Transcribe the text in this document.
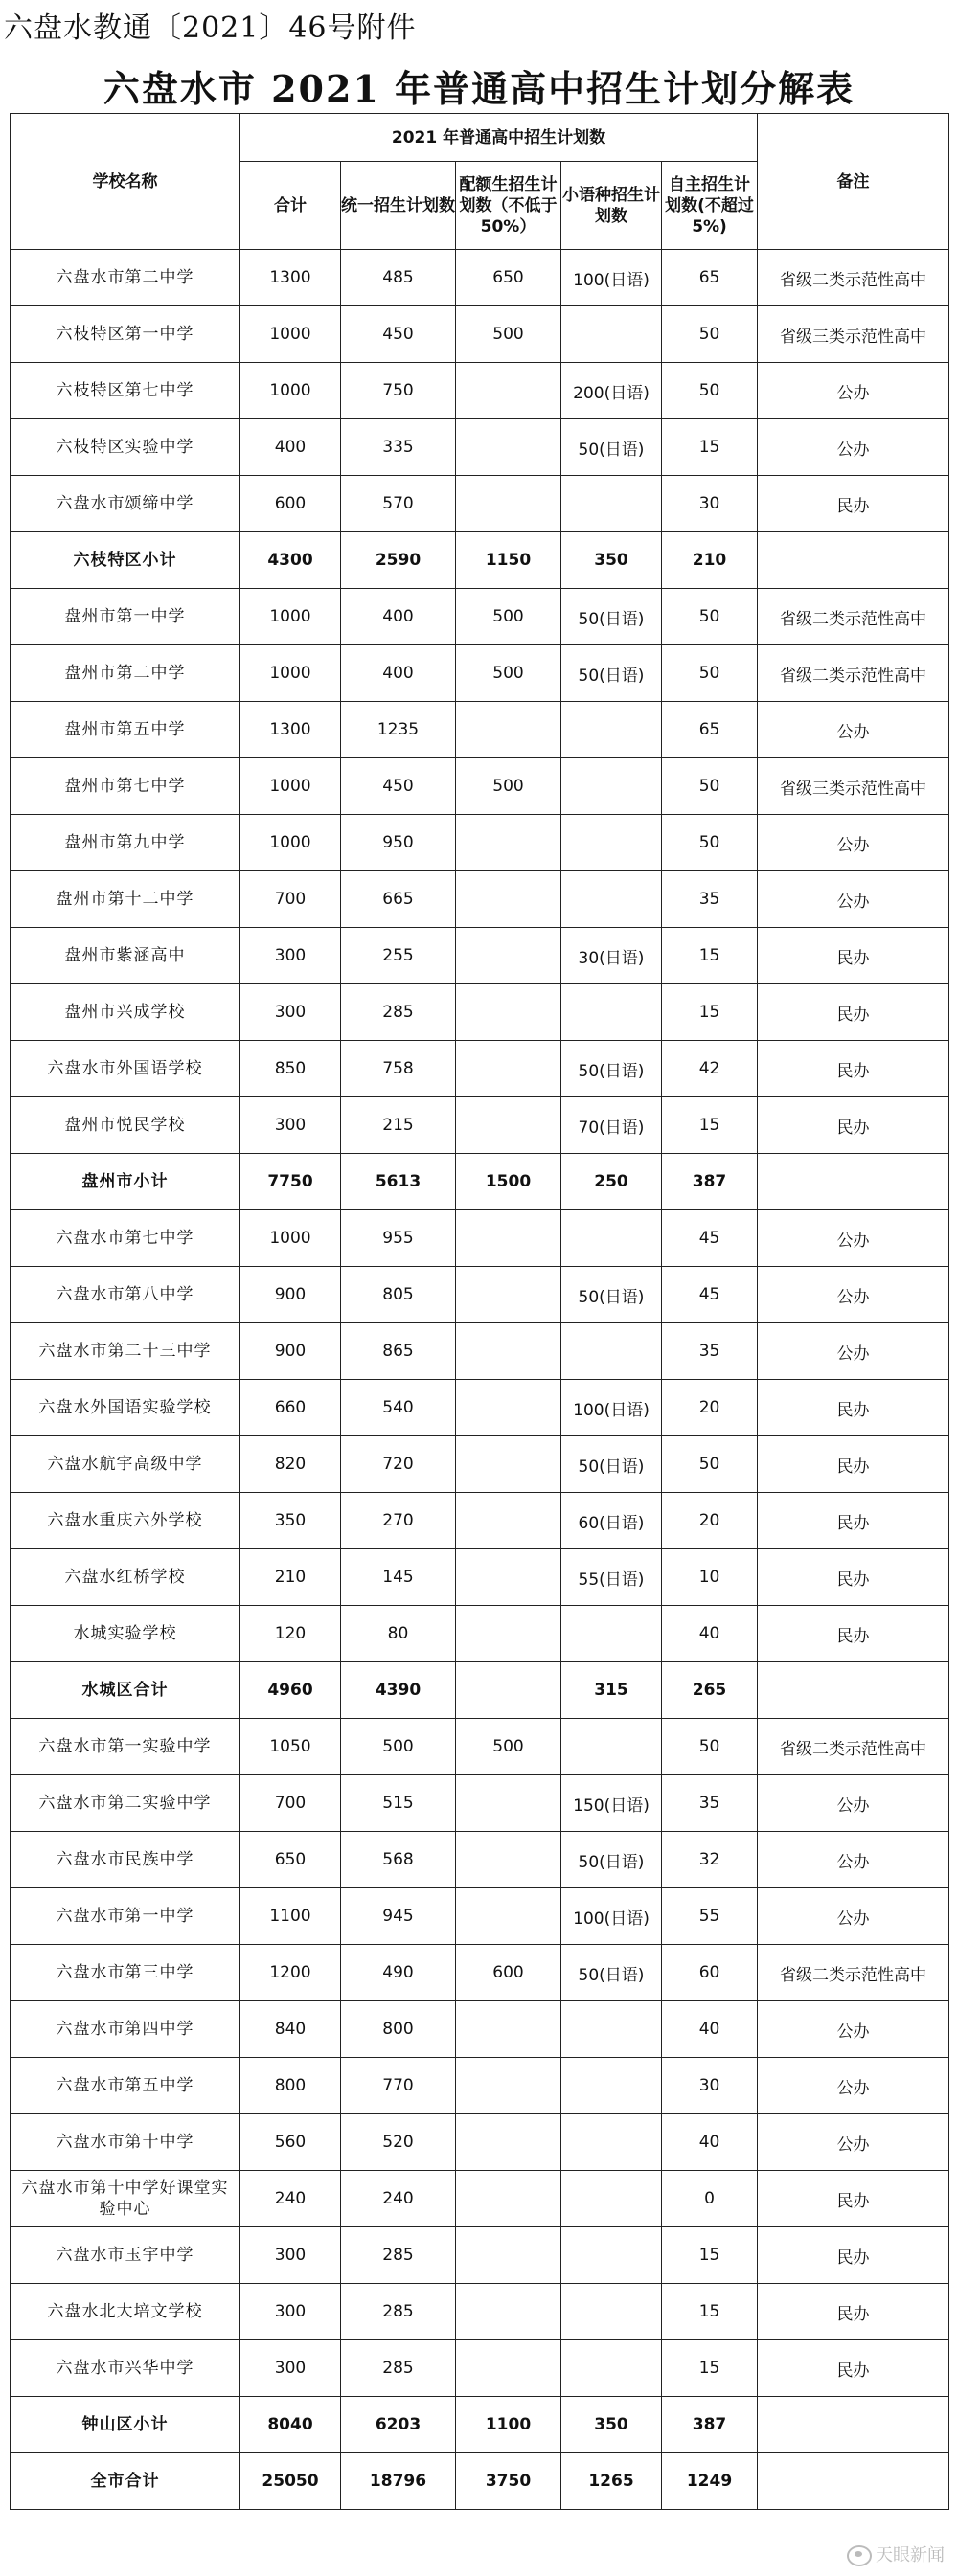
六盘水教通〔2021〕46号附件
六盘水市 2021 年普通高中招生计划分解表
学校名称	2021 年普通高中招生计划数					备注
	合计	统一招生计划数	配额生招生计划数（不低于 50%）	小语种招生计划数	自主招生计划数(不超过 5%)	
六盘水市第二中学	1300	485	650	100(日语)	65	省级二类示范性高中
六枝特区第一中学	1000	450	500		50	省级三类示范性高中
六枝特区第七中学	1000	750		200(日语)	50	公办
六枝特区实验中学	400	335		50(日语)	15	公办
六盘水市颂缔中学	600	570			30	民办
六枝特区小计	4300	2590	1150	350	210	
盘州市第一中学	1000	400	500	50(日语)	50	省级二类示范性高中
盘州市第二中学	1000	400	500	50(日语)	50	省级二类示范性高中
盘州市第五中学	1300	1235			65	公办
盘州市第七中学	1000	450	500		50	省级三类示范性高中
盘州市第九中学	1000	950			50	公办
盘州市第十二中学	700	665			35	公办
盘州市紫涵高中	300	255		30(日语)	15	民办
盘州市兴成学校	300	285			15	民办
六盘水市外国语学校	850	758		50(日语)	42	民办
盘州市悦民学校	300	215		70(日语)	15	民办
盘州市小计	7750	5613	1500	250	387	
六盘水市第七中学	1000	955			45	公办
六盘水市第八中学	900	805		50(日语)	45	公办
六盘水市第二十三中学	900	865			35	公办
六盘水外国语实验学校	660	540		100(日语)	20	民办
六盘水航宇高级中学	820	720		50(日语)	50	民办
六盘水重庆六外学校	350	270		60(日语)	20	民办
六盘水红桥学校	210	145		55(日语)	10	民办
水城实验学校	120	80			40	民办
水城区合计	4960	4390		315	265	
六盘水市第一实验中学	1050	500	500		50	省级二类示范性高中
六盘水市第二实验中学	700	515		150(日语)	35	公办
六盘水市民族中学	650	568		50(日语)	32	公办
六盘水市第一中学	1100	945		100(日语)	55	公办
六盘水市第三中学	1200	490	600	50(日语)	60	省级二类示范性高中
六盘水市第四中学	840	800			40	公办
六盘水市第五中学	800	770			30	公办
六盘水市第十中学	560	520			40	公办
六盘水市第十中学好课堂实验中心	240	240			0	民办
六盘水市玉宇中学	300	285			15	民办
六盘水北大培文学校	300	285			15	民办
六盘水市兴华中学	300	285			15	民办
钟山区小计	8040	6203	1100	350	387	
全市合计	25050	18796	3750	1265	1249	
天眼新闻
